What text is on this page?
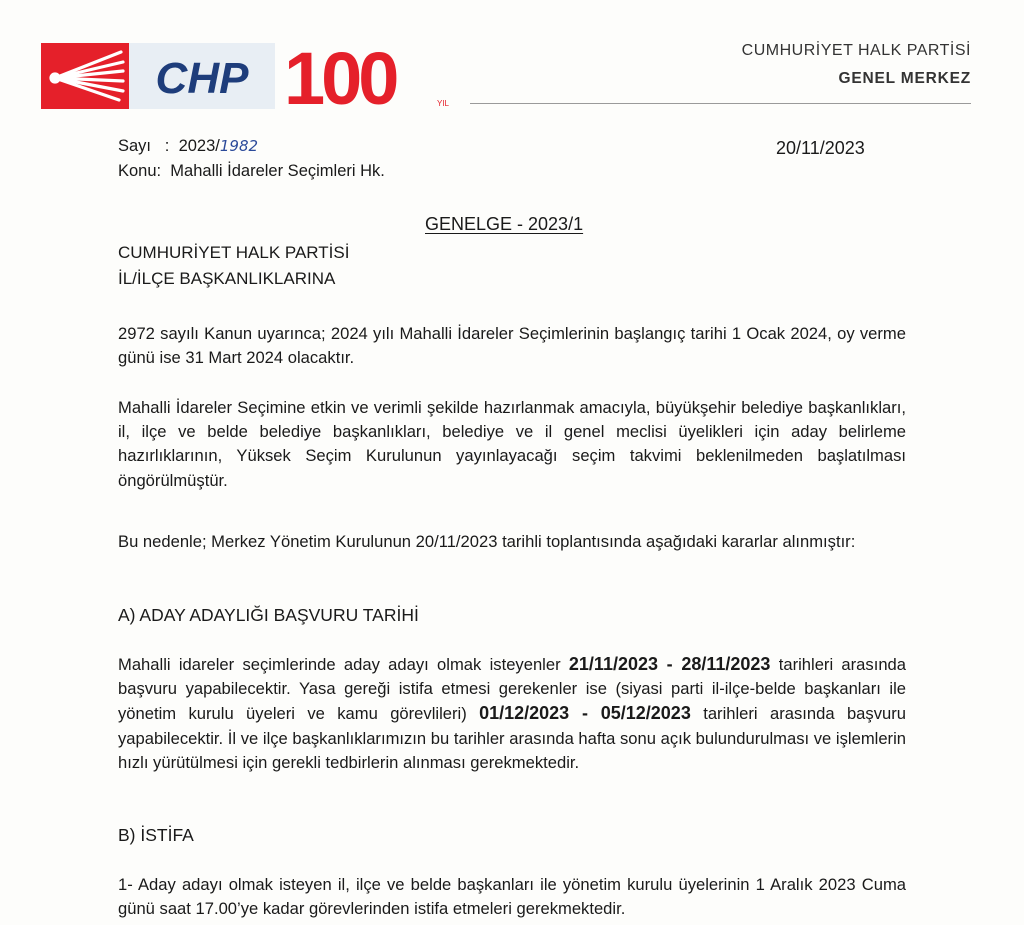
CHP 100	YIL
CUMHURİYET HALK PARTİSİ
GENEL MERKEZ
Sayı   :  2023/1982
Konu: Mahalli İdareler Seçimleri Hk.
20/11/2023
GENELGE - 2023/1
CUMHURİYET HALK PARTİSİ
İL/İLÇE BAŞKANLIKLARINA
2972 sayılı Kanun uyarınca; 2024 yılı Mahalli İdareler Seçimlerinin başlangıç tarihi 1 Ocak 2024, oy verme günü ise 31 Mart 2024 olacaktır.
Mahalli İdareler Seçimine etkin ve verimli şekilde hazırlanmak amacıyla, büyükşehir belediye başkanlıkları, il, ilçe ve belde belediye başkanlıkları, belediye ve il genel meclisi üyelikleri için aday belirleme hazırlıklarının, Yüksek Seçim Kurulunun yayınlayacağı seçim takvimi beklenilmeden başlatılması öngörülmüştür.
Bu nedenle; Merkez Yönetim Kurulunun 20/11/2023 tarihli toplantısında aşağıdaki kararlar alınmıştır:
A) ADAY ADAYLIĞI BAŞVURU TARİHİ
Mahalli idareler seçimlerinde aday adayı olmak isteyenler 21/11/2023 - 28/11/2023 tarihleri arasında başvuru yapabilecektir. Yasa gereği istifa etmesi gerekenler ise (siyasi parti il-ilçe-belde başkanları ile yönetim kurulu üyeleri ve kamu görevlileri) 01/12/2023 - 05/12/2023 tarihleri arasında başvuru yapabilecektir. İl ve ilçe başkanlıklarımızın bu tarihler arasında hafta sonu açık bulundurulması ve işlemlerin hızlı yürütülmesi için gerekli tedbirlerin alınması gerekmektedir.
B) İSTİFA
1- Aday adayı olmak isteyen il, ilçe ve belde başkanları ile yönetim kurulu üyelerinin 1 Aralık 2023 Cuma günü saat 17.00’ye kadar görevlerinden istifa etmeleri gerekmektedir.
